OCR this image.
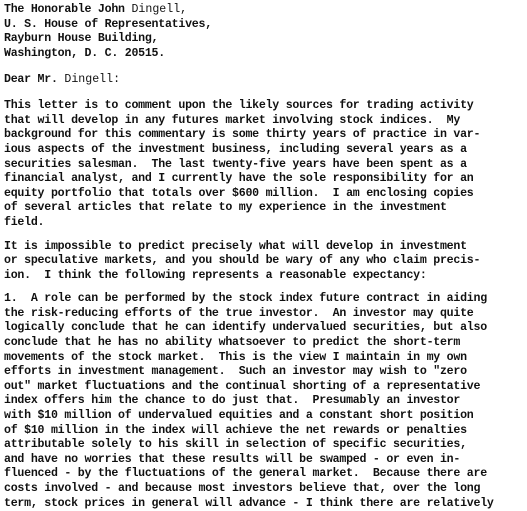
The Honorable John Dingell,
U. S. House of Representatives,
Rayburn House Building,
Washington, D. C. 20515.
Dear Mr. Dingell:
This letter is to comment upon the likely sources for trading activity
that will develop in any futures market involving stock indices.  My
background for this commentary is some thirty years of practice in var-
ious aspects of the investment business, including several years as a
securities salesman.  The last twenty-five years have been spent as a
financial analyst, and I currently have the sole responsibility for an
equity portfolio that totals over $600 million.  I am enclosing copies
of several articles that relate to my experience in the investment
field.
It is impossible to predict precisely what will develop in investment
or speculative markets, and you should be wary of any who claim precis-
ion.  I think the following represents a reasonable expectancy:
1.  A role can be performed by the stock index future contract in aiding
the risk-reducing efforts of the true investor.  An investor may quite
logically conclude that he can identify undervalued securities, but also
conclude that he has no ability whatsoever to predict the short-term
movements of the stock market.  This is the view I maintain in my own
efforts in investment management.  Such an investor may wish to "zero
out" market fluctuations and the continual shorting of a representative
index offers him the chance to do just that.  Presumably an investor
with $10 million of undervalued equities and a constant short position
of $10 million in the index will achieve the net rewards or penalties
attributable solely to his skill in selection of specific securities,
and have no worries that these results will be swamped - or even in-
fluenced - by the fluctuations of the general market.  Because there are
costs involved - and because most investors believe that, over the long
term, stock prices in general will advance - I think there are relatively
